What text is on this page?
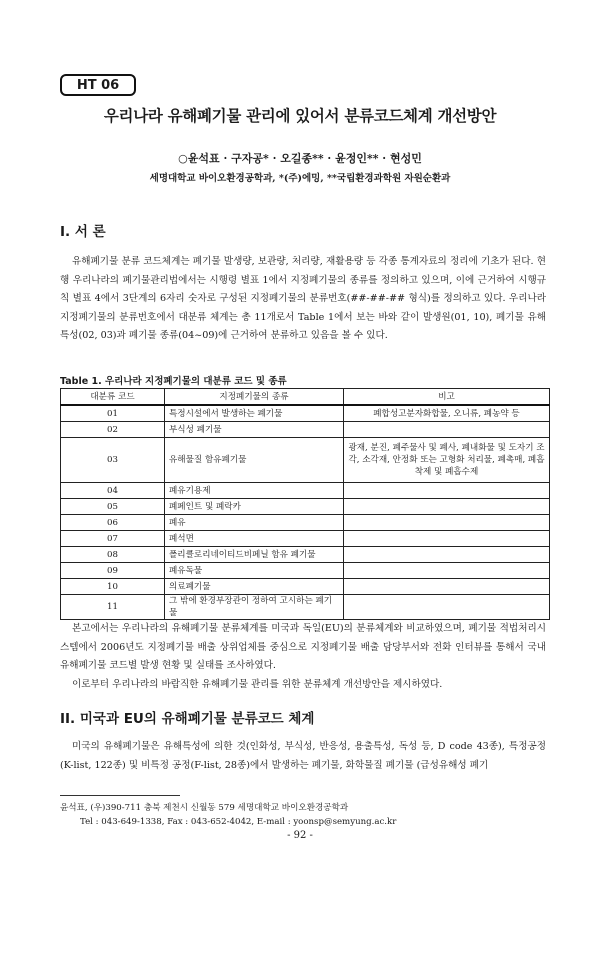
HT 06
우리나라 유해폐기물 관리에 있어서 분류코드체계 개선방안
○윤석표 · 구자공* · 오길종** · 윤정인** · 현성민
세명대학교 바이오환경공학과, *(주)에밍, **국립환경과학원 자원순환과
I. 서 론

유해폐기물 분류 코드체계는 폐기물 발생량, 보관량, 처리량, 재활용량 등 각종 통계자료의 정리에 기초가 된다. 현행 우리나라의 폐기물관리법에서는 시행령 별표 1에서 지정폐기물의 종류를 정의하고 있으며, 이에 근거하여 시행규칙 별표 4에서 3단계의 6자리 숫자로 구성된 지정폐기물의 분류번호(##-##-## 형식)를 정의하고 있다. 우리나라 지정폐기물의 분류번호에서 대분류 체계는 총 11개로서 Table 1에서 보는 바와 같이 발생원(01, 10), 폐기물 유해특성(02, 03)과 폐기물 종류(04~09)에 근거하여 분류하고 있음을 볼 수 있다.

Table 1. 우리나라 지정폐기물의 대분류 코드 및 종류
대분류 코드	지정폐기물의 종류	비고
01	특정시설에서 발생하는 폐기물	폐합성고분자화합물, 오니류, 폐농약 등
02	부식성 폐기물	
03	유해물질 함유폐기물	광재, 분진, 폐주물사 및 폐사, 폐내화물 및 도자기 조각, 소각재, 안정화 또는 고형화 처리물, 폐촉매, 폐흡착제 및 폐흡수제
04	폐유기용제	
05	폐페인트 및 폐락카	
06	폐유	
07	폐석면	
08	폴리클로리네이티드비페닐 함유 폐기물	
09	폐유독물	
10	의료폐기물	
11	그 밖에 환경부장관이 정하여 고시하는 폐기물	

본고에서는 우리나라의 유해폐기물 분류체계를 미국과 독일(EU)의 분류체계와 비교하였으며, 폐기물 적법처리시스템에서 2006년도 지정폐기물 배출 상위업체를 중심으로 지정폐기물 배출 담당부서와 전화 인터뷰를 통해서 국내 유해폐기물 코드별 발생 현황 및 실태를 조사하였다.

이로부터 우리나라의 바람직한 유해폐기물 관리를 위한 분류체계 개선방안을 제시하였다.

II. 미국과 EU의 유해폐기물 분류코드 체계

미국의 유해폐기물은 유해특성에 의한 것(인화성, 부식성, 반응성, 용출특성, 독성 등, D code 43종), 특정공정 (K-list, 122종) 및 비특정 공정(F-list, 28종)에서 발생하는 폐기물, 화학물질 폐기물 (급성유해성 폐기

윤석표, (우)390-711 충북 제천시 신월동 579 세명대학교 바이오환경공학과
Tel : 043-649-1338, Fax : 043-652-4042, E-mail : yoonsp@semyung.ac.kr
- 92 -
